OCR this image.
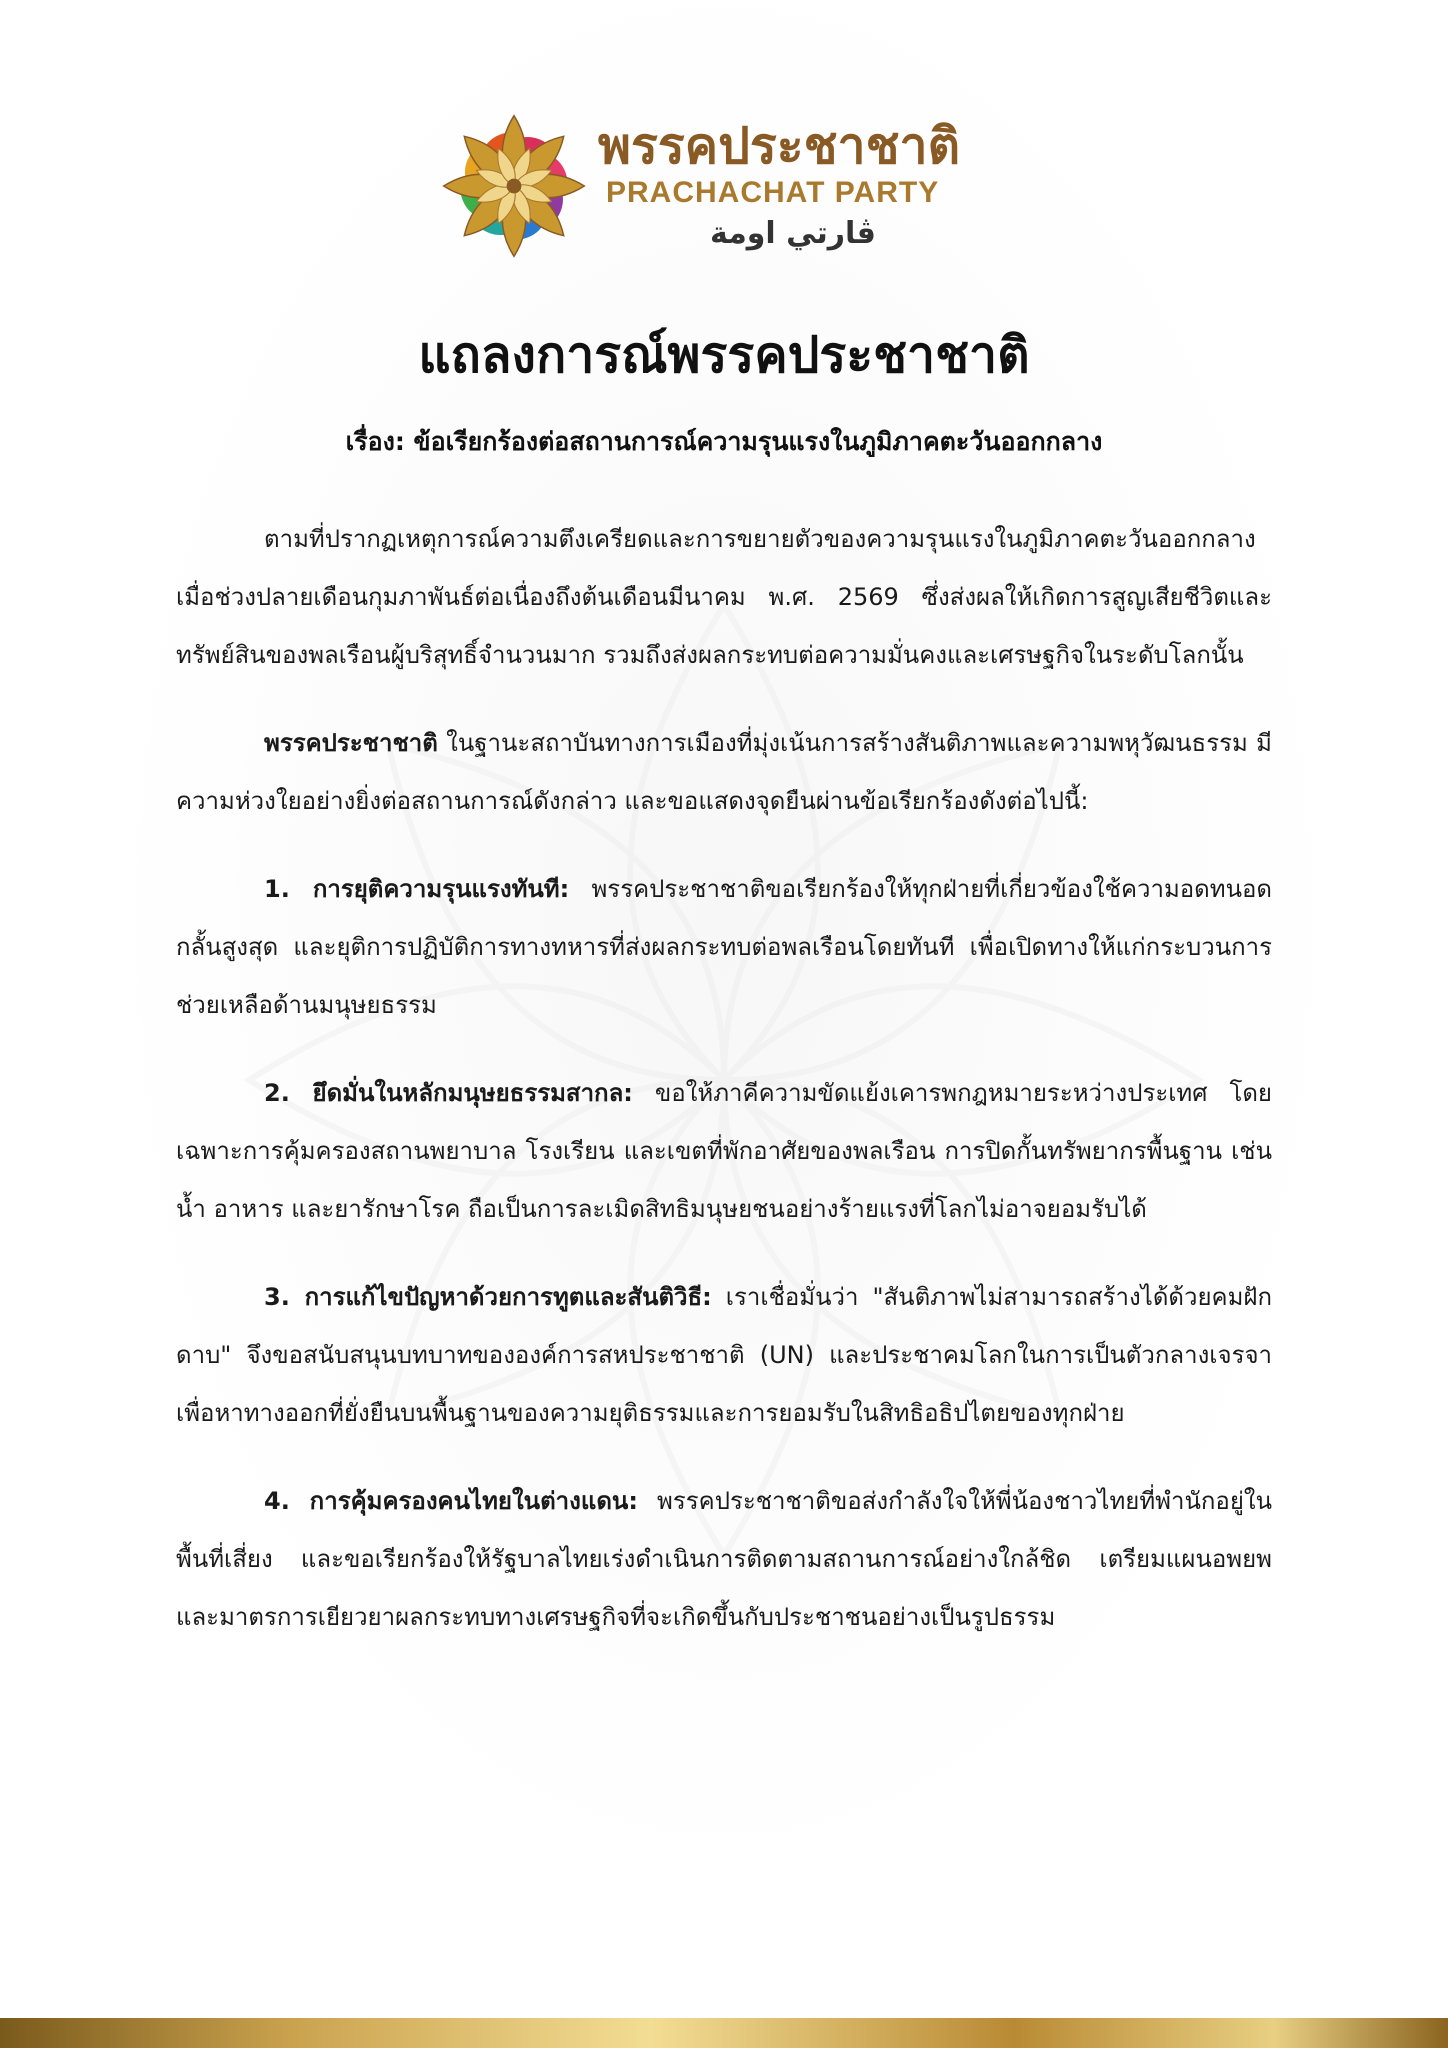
พรรคประชาชาติ
PRACHACHAT PARTY
ڤارتي اومة
แถลงการณ์พรรคประชาชาติ
เรื่อง: ข้อเรียกร้องต่อสถานการณ์ความรุนแรงในภูมิภาคตะวันออกกลาง

ตามที่ปรากฏเหตุการณ์ความตึงเครียดและการขยายตัวของความรุนแรงในภูมิภาคตะวันออกกลาง เมื่อช่วงปลายเดือนกุมภาพันธ์ต่อเนื่องถึงต้นเดือนมีนาคม พ.ศ. 2569 ซึ่งส่งผลให้เกิดการสูญเสียชีวิตและทรัพย์สินของพลเรือนผู้บริสุทธิ์จำนวนมาก รวมถึงส่งผลกระทบต่อความมั่นคงและเศรษฐกิจในระดับโลกนั้น

พรรคประชาชาติ ในฐานะสถาบันทางการเมืองที่มุ่งเน้นการสร้างสันติภาพและความพหุวัฒนธรรม มีความห่วงใยอย่างยิ่งต่อสถานการณ์ดังกล่าว และขอแสดงจุดยืนผ่านข้อเรียกร้องดังต่อไปนี้:

1. การยุติความรุนแรงทันที: พรรคประชาชาติขอเรียกร้องให้ทุกฝ่ายที่เกี่ยวข้องใช้ความอดทนอดกลั้นสูงสุด และยุติการปฏิบัติการทางทหารที่ส่งผลกระทบต่อพลเรือนโดยทันที เพื่อเปิดทางให้แก่กระบวนการช่วยเหลือด้านมนุษยธรรม

2. ยึดมั่นในหลักมนุษยธรรมสากล: ขอให้ภาคีความขัดแย้งเคารพกฎหมายระหว่างประเทศ โดยเฉพาะการคุ้มครองสถานพยาบาล โรงเรียน และเขตที่พักอาศัยของพลเรือน การปิดกั้นทรัพยากรพื้นฐาน เช่น น้ำ อาหาร และยารักษาโรค ถือเป็นการละเมิดสิทธิมนุษยชนอย่างร้ายแรงที่โลกไม่อาจยอมรับได้

3. การแก้ไขปัญหาด้วยการทูตและสันติวิธี: เราเชื่อมั่นว่า "สันติภาพไม่สามารถสร้างได้ด้วยคมฝักดาบ" จึงขอสนับสนุนบทบาทขององค์การสหประชาชาติ (UN) และประชาคมโลกในการเป็นตัวกลางเจรจา เพื่อหาทางออกที่ยั่งยืนบนพื้นฐานของความยุติธรรมและการยอมรับในสิทธิอธิปไตยของทุกฝ่าย

4. การคุ้มครองคนไทยในต่างแดน: พรรคประชาชาติขอส่งกำลังใจให้พี่น้องชาวไทยที่พำนักอยู่ในพื้นที่เสี่ยง และขอเรียกร้องให้รัฐบาลไทยเร่งดำเนินการติดตามสถานการณ์อย่างใกล้ชิด เตรียมแผนอพยพและมาตรการเยียวยาผลกระทบทางเศรษฐกิจที่จะเกิดขึ้นกับประชาชนอย่างเป็นรูปธรรม
